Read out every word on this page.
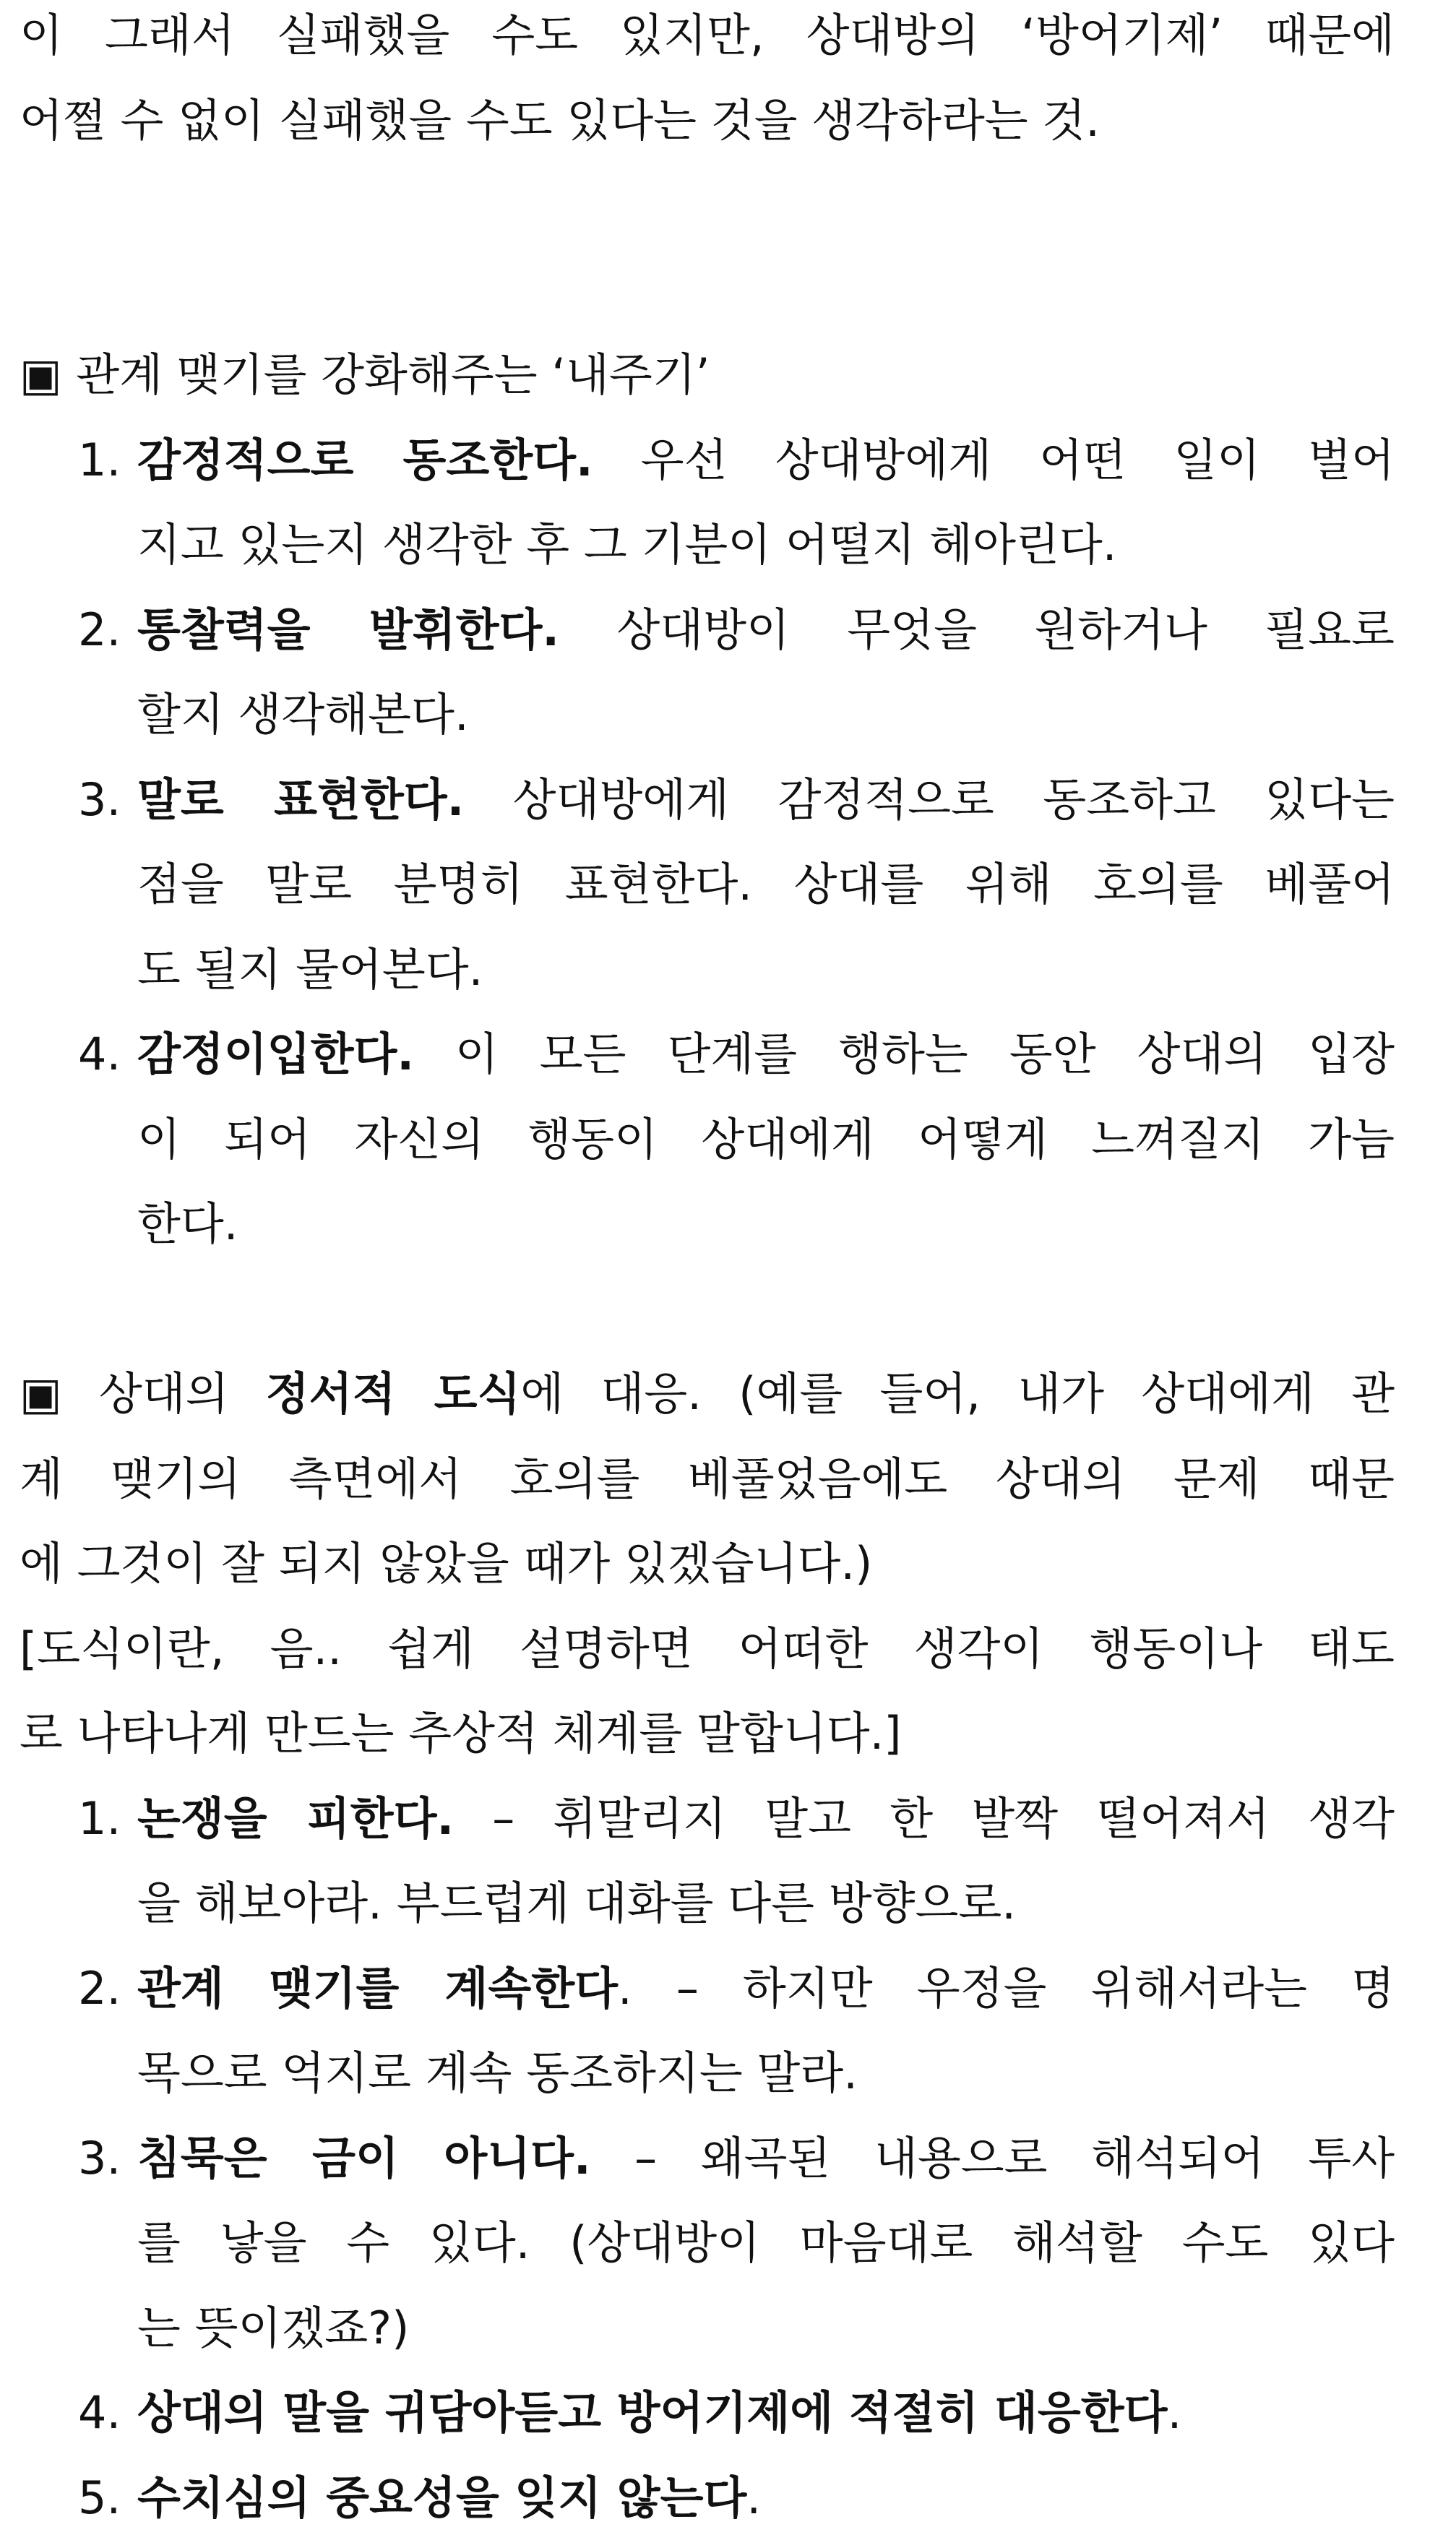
이 그래서 실패했을 수도 있지만, 상대방의 ‘방어기제’ 때문에
어쩔 수 없이 실패했을 수도 있다는 것을 생각하라는 것.
▣ 관계 맺기를 강화해주는 ‘내주기’
1. 감정적으로 동조한다. 우선 상대방에게 어떤 일이 벌어
지고 있는지 생각한 후 그 기분이 어떨지 헤아린다.
2. 통찰력을 발휘한다. 상대방이 무엇을 원하거나 필요로
할지 생각해본다.
3. 말로 표현한다. 상대방에게 감정적으로 동조하고 있다는
점을 말로 분명히 표현한다. 상대를 위해 호의를 베풀어
도 될지 물어본다.
4. 감정이입한다. 이 모든 단계를 행하는 동안 상대의 입장
이 되어 자신의 행동이 상대에게 어떻게 느껴질지 가늠
한다.
▣ 상대의 정서적 도식에 대응. (예를 들어, 내가 상대에게 관
계 맺기의 측면에서 호의를 베풀었음에도 상대의 문제 때문
에 그것이 잘 되지 않았을 때가 있겠습니다.)
[도식이란, 음.. 쉽게 설명하면 어떠한 생각이 행동이나 태도
로 나타나게 만드는 추상적 체계를 말합니다.]
1. 논쟁을 피한다. – 휘말리지 말고 한 발짝 떨어져서 생각
을 해보아라. 부드럽게 대화를 다른 방향으로.
2. 관계 맺기를 계속한다. – 하지만 우정을 위해서라는 명
목으로 억지로 계속 동조하지는 말라.
3. 침묵은 금이 아니다. – 왜곡된 내용으로 해석되어 투사
를 낳을 수 있다. (상대방이 마음대로 해석할 수도 있다
는 뜻이겠죠?)
4. 상대의 말을 귀담아듣고 방어기제에 적절히 대응한다.
5. 수치심의 중요성을 잊지 않는다.
